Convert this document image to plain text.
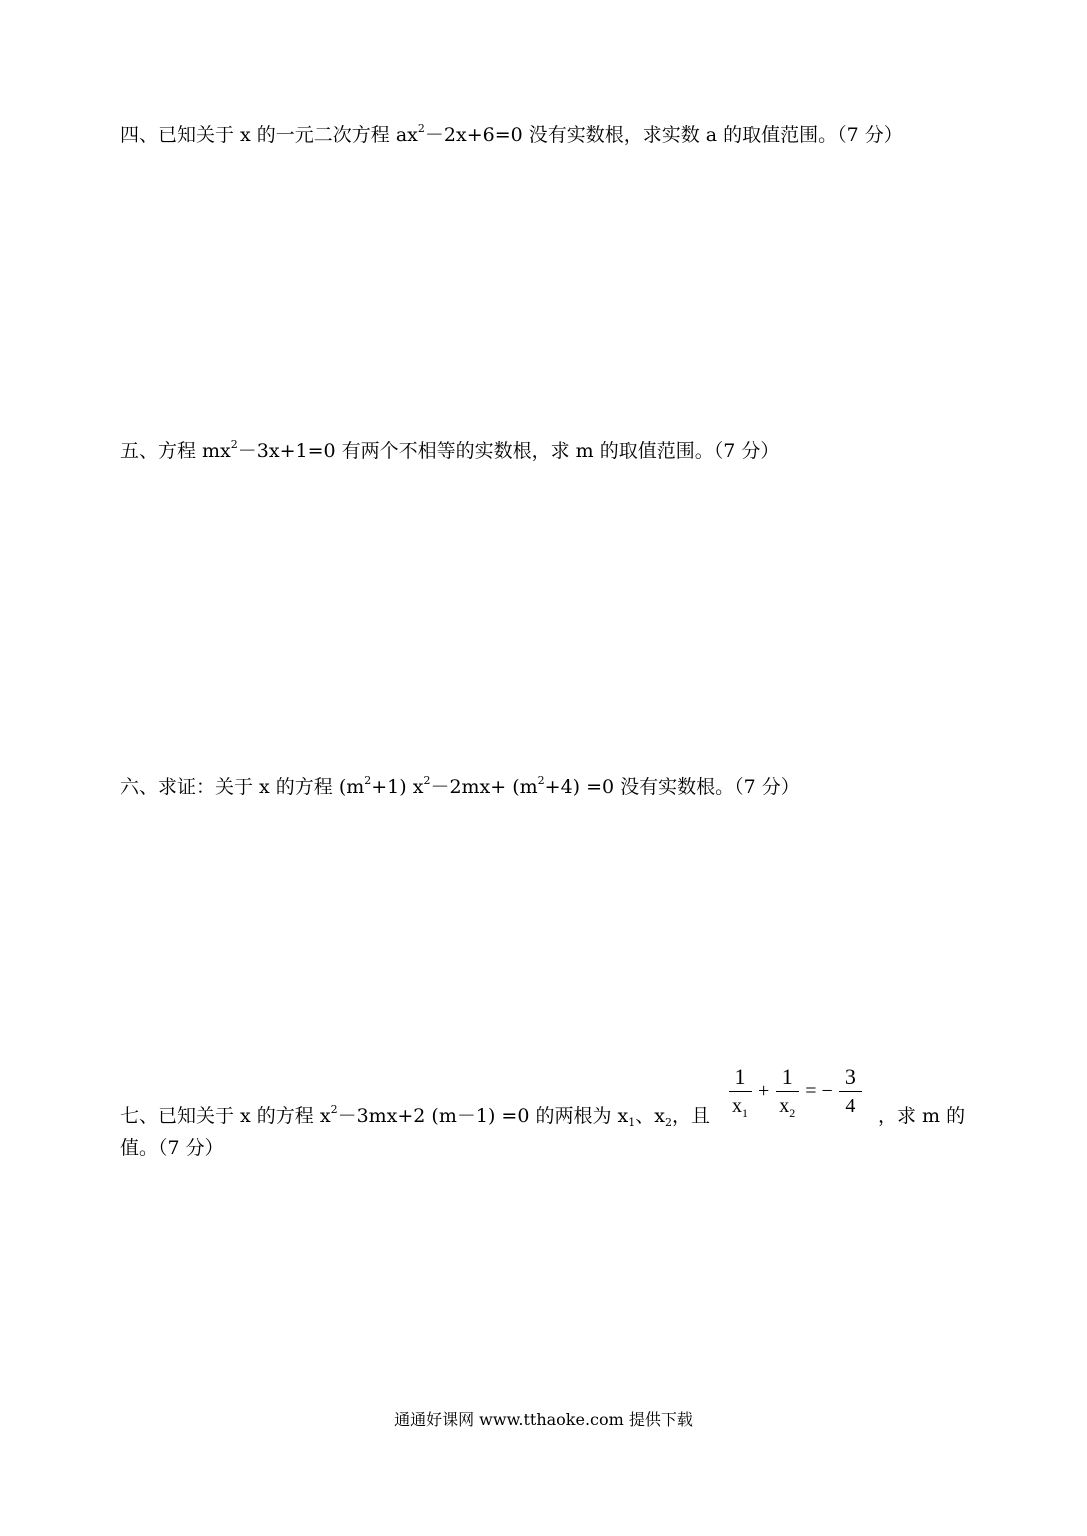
四、已知关于 x 的一元二次方程 $ax^2-2x+6=0$ 没有实数根，求实数 a 的取值范围。（7 分）
五、方程 $mx^2-3x+1=0$ 有两个不相等的实数根，求 m 的取值范围。（7 分）
六、求证：关于 x 的方程 $(m^2+1)$ $x^2-2mx+ (m^2+4) =0$ 没有实数根。（7 分）
七、已知关于 x 的方程 $x^2-3mx+2$ (m－1) =0 的两根为 $x_1$、$x_2$，且 $\frac{1}{x_1} + \frac{1}{x_2}$ = − $\frac{3}{4}$ ，求 m 的
值。（7 分）
通通好课网 www.tthaoke.com 提供下载
